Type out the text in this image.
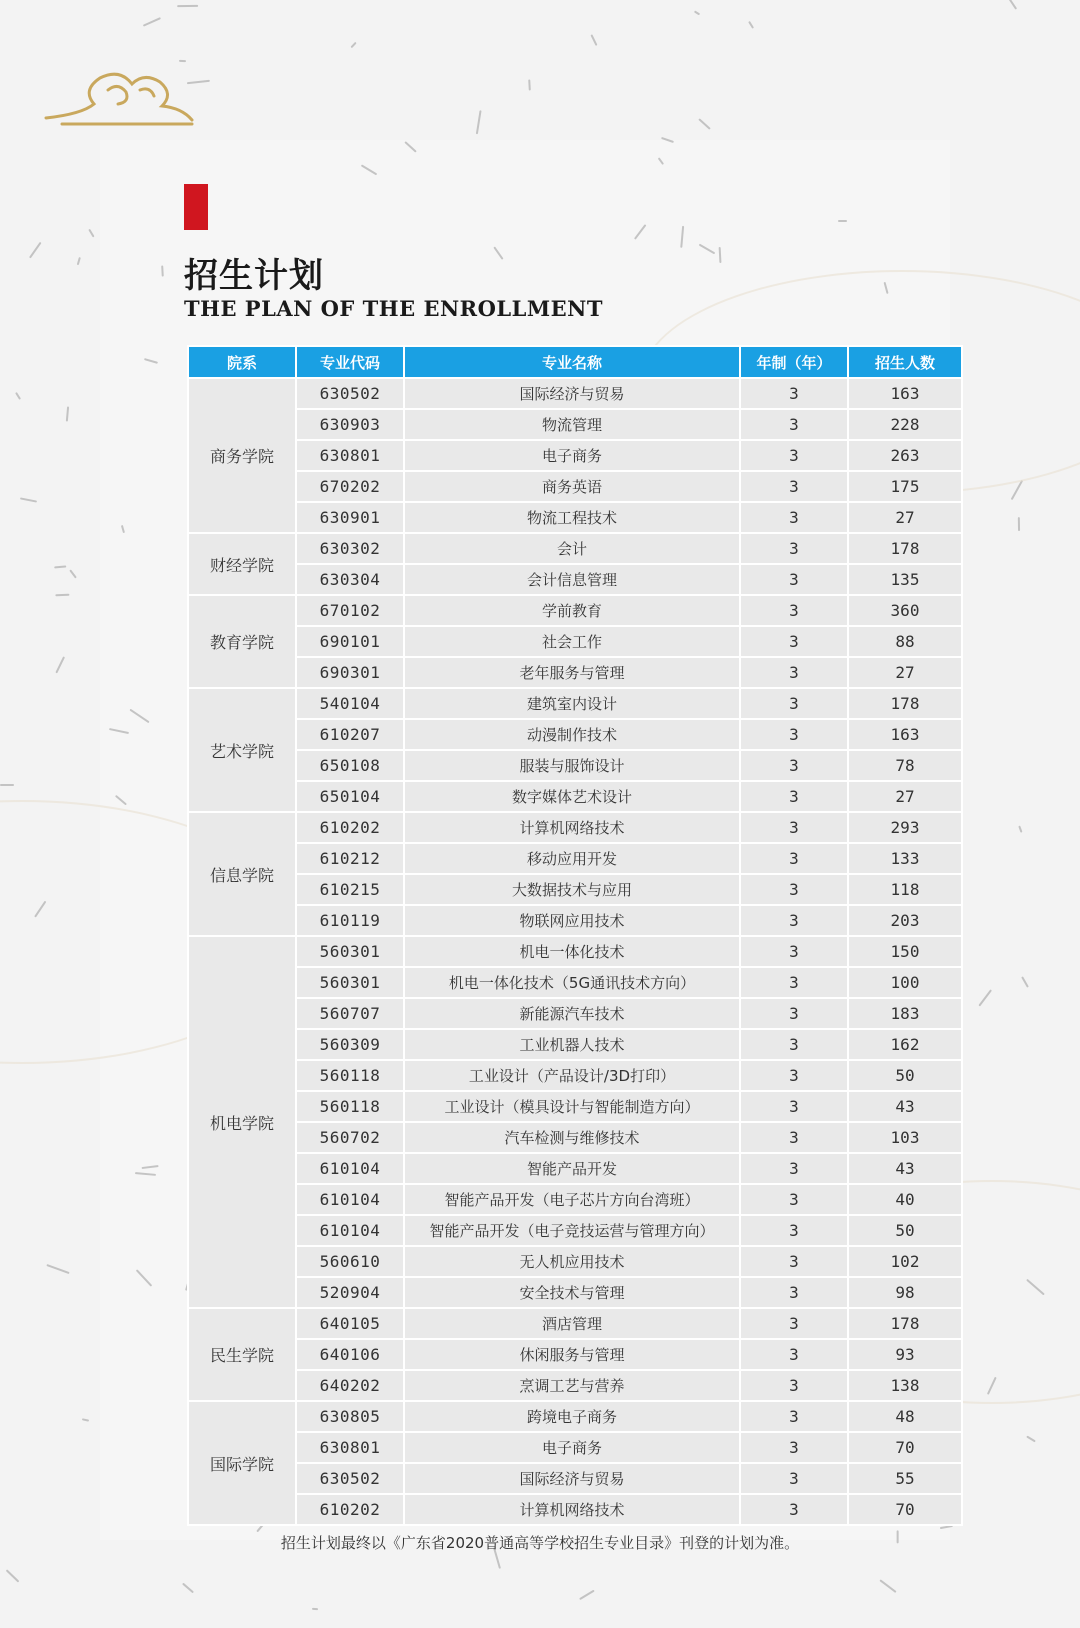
招生计划
THE PLAN OF THE ENROLLMENT
院系	专业代码	专业名称	年制（年）	招生人数
商务学院	630502	国际经济与贸易	3	163
	630903	物流管理	3	228
	630801	电子商务	3	263
	670202	商务英语	3	175
	630901	物流工程技术	3	27
财经学院	630302	会计	3	178
	630304	会计信息管理	3	135
教育学院	670102	学前教育	3	360
	690101	社会工作	3	88
	690301	老年服务与管理	3	27
艺术学院	540104	建筑室内设计	3	178
	610207	动漫制作技术	3	163
	650108	服装与服饰设计	3	78
	650104	数字媒体艺术设计	3	27
信息学院	610202	计算机网络技术	3	293
	610212	移动应用开发	3	133
	610215	大数据技术与应用	3	118
	610119	物联网应用技术	3	203
机电学院	560301	机电一体化技术	3	150
	560301	机电一体化技术（5G通讯技术方向）	3	100
	560707	新能源汽车技术	3	183
	560309	工业机器人技术	3	162
	560118	工业设计（产品设计/3D打印）	3	50
	560118	工业设计（模具设计与智能制造方向）	3	43
	560702	汽车检测与维修技术	3	103
	610104	智能产品开发	3	43
	610104	智能产品开发（电子芯片方向台湾班）	3	40
	610104	智能产品开发（电子竞技运营与管理方向）	3	50
	560610	无人机应用技术	3	102
	520904	安全技术与管理	3	98
民生学院	640105	酒店管理	3	178
	640106	休闲服务与管理	3	93
	640202	烹调工艺与营养	3	138
国际学院	630805	跨境电子商务	3	48
	630801	电子商务	3	70
	630502	国际经济与贸易	3	55
	610202	计算机网络技术	3	70

招生计划最终以《广东省2020普通高等学校招生专业目录》刊登的计划为准。
